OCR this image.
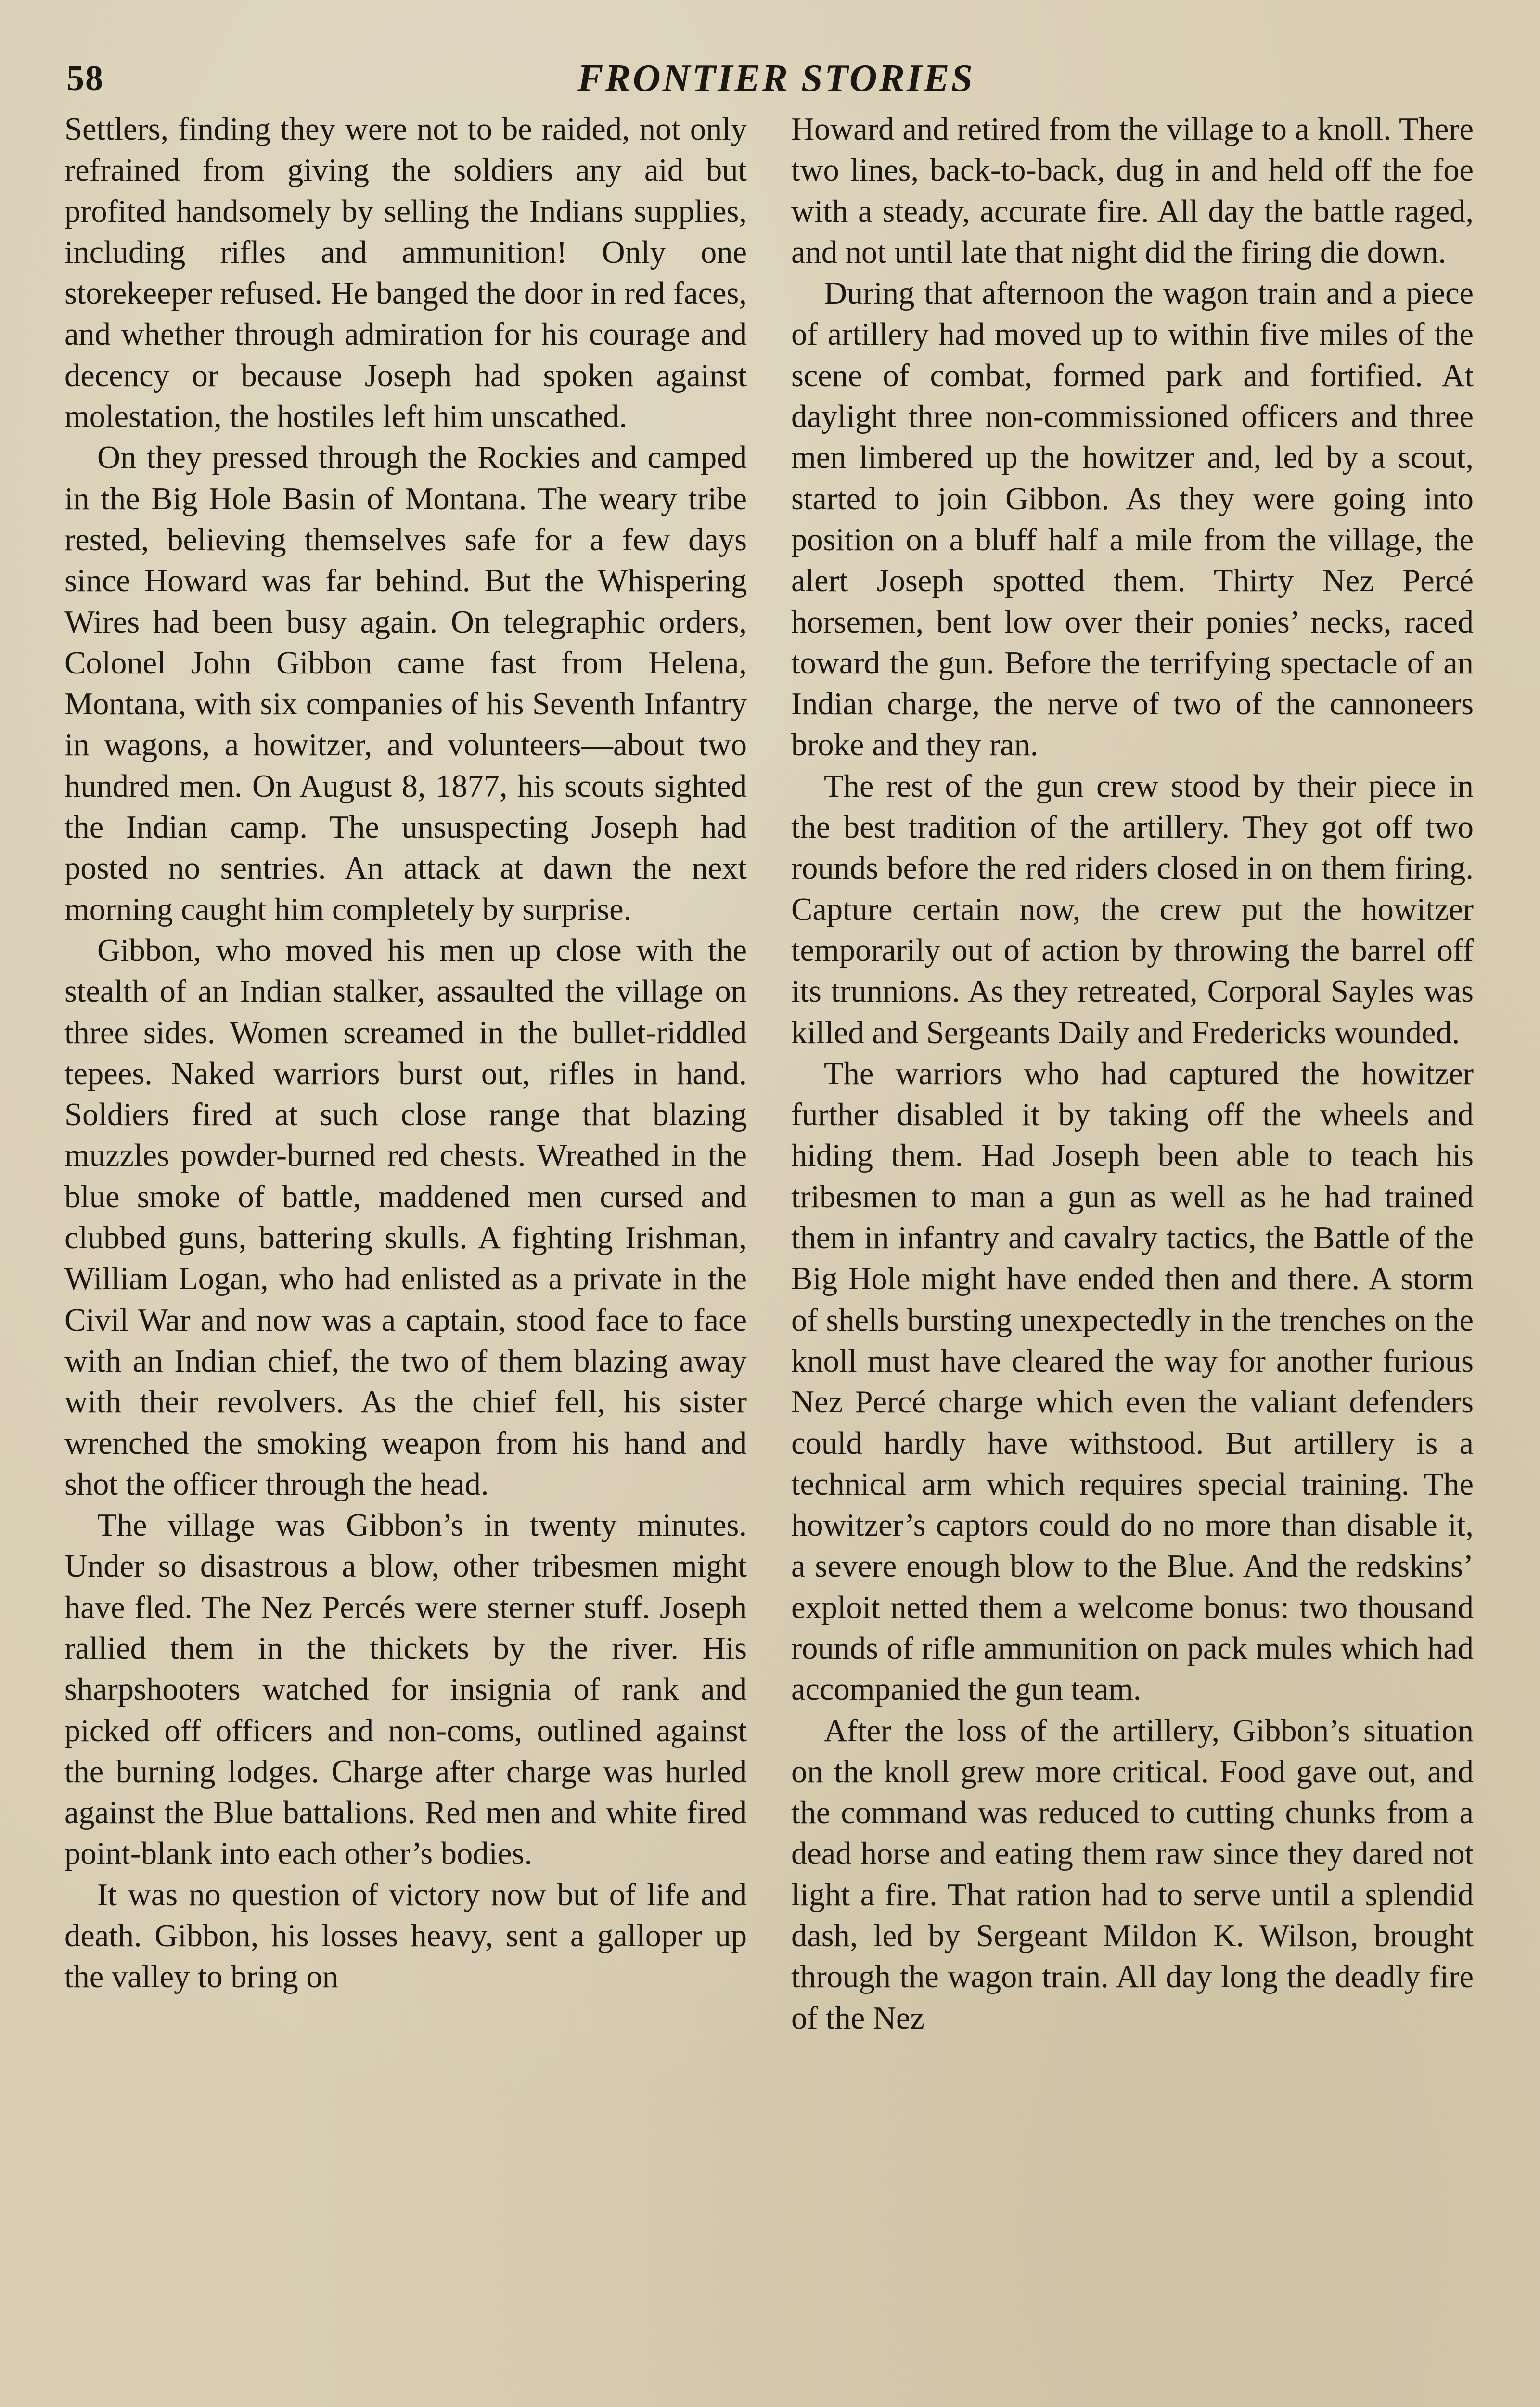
58	FRONTIER STORIES

Settlers, finding they were not to be raided, not only refrained from giving the soldiers any aid but profited handsomely by selling the Indians supplies, including rifles and ammunition! Only one storekeeper refused. He banged the door in red faces, and whether through admiration for his courage and decency or because Joseph had spoken against molestation, the hostiles left him unscathed.

On they pressed through the Rockies and camped in the Big Hole Basin of Montana. The weary tribe rested, believing themselves safe for a few days since Howard was far behind. But the Whispering Wires had been busy again. On telegraphic orders, Colonel John Gibbon came fast from Helena, Montana, with six companies of his Seventh Infantry in wagons, a howitzer, and volunteers—about two hundred men. On August 8, 1877, his scouts sighted the Indian camp. The unsuspecting Joseph had posted no sentries. An attack at dawn the next morning caught him completely by surprise.

Gibbon, who moved his men up close with the stealth of an Indian stalker, assaulted the village on three sides. Women screamed in the bullet-riddled tepees. Naked warriors burst out, rifles in hand. Soldiers fired at such close range that blazing muzzles powder-burned red chests. Wreathed in the blue smoke of battle, maddened men cursed and clubbed guns, battering skulls. A fighting Irishman, William Logan, who had enlisted as a private in the Civil War and now was a captain, stood face to face with an Indian chief, the two of them blazing away with their revolvers. As the chief fell, his sister wrenched the smoking weapon from his hand and shot the officer through the head.

The village was Gibbon’s in twenty minutes. Under so disastrous a blow, other tribesmen might have fled. The Nez Percés were sterner stuff. Joseph rallied them in the thickets by the river. His sharpshooters watched for insignia of rank and picked off officers and non-coms, outlined against the burning lodges. Charge after charge was hurled against the Blue battalions. Red men and white fired point-blank into each other’s bodies.

It was no question of victory now but of life and death. Gibbon, his losses heavy, sent a galloper up the valley to bring on

Howard and retired from the village to a knoll. There two lines, back-to-back, dug in and held off the foe with a steady, accurate fire. All day the battle raged, and not until late that night did the firing die down.

During that afternoon the wagon train and a piece of artillery had moved up to within five miles of the scene of combat, formed park and fortified. At daylight three non-commissioned officers and three men limbered up the howitzer and, led by a scout, started to join Gibbon. As they were going into position on a bluff half a mile from the village, the alert Joseph spotted them. Thirty Nez Percé horsemen, bent low over their ponies’ necks, raced toward the gun. Before the terrifying spectacle of an Indian charge, the nerve of two of the cannoneers broke and they ran.

The rest of the gun crew stood by their piece in the best tradition of the artillery. They got off two rounds before the red riders closed in on them firing. Capture certain now, the crew put the howitzer temporarily out of action by throwing the barrel off its trunnions. As they retreated, Corporal Sayles was killed and Sergeants Daily and Fredericks wounded.

The warriors who had captured the howitzer further disabled it by taking off the wheels and hiding them. Had Joseph been able to teach his tribesmen to man a gun as well as he had trained them in infantry and cavalry tactics, the Battle of the Big Hole might have ended then and there. A storm of shells bursting unexpectedly in the trenches on the knoll must have cleared the way for another furious Nez Percé charge which even the valiant defenders could hardly have withstood. But artillery is a technical arm which requires special training. The howitzer’s captors could do no more than disable it, a severe enough blow to the Blue. And the redskins’ exploit netted them a welcome bonus: two thousand rounds of rifle ammunition on pack mules which had accompanied the gun team.

After the loss of the artillery, Gibbon’s situation on the knoll grew more critical. Food gave out, and the command was reduced to cutting chunks from a dead horse and eating them raw since they dared not light a fire. That ration had to serve until a splendid dash, led by Sergeant Mildon K. Wilson, brought through the wagon train. All day long the deadly fire of the Nez
